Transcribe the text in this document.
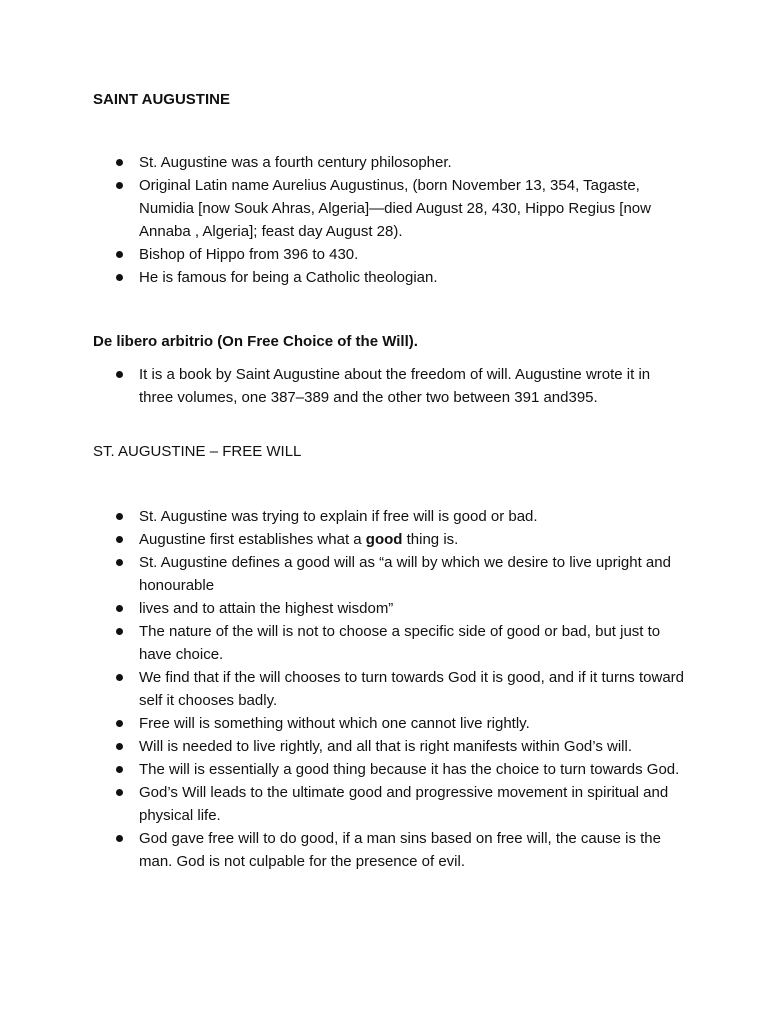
SAINT AUGUSTINE
St. Augustine was a fourth century philosopher.
Original Latin name Aurelius Augustinus, (born November 13, 354, Tagaste, Numidia [now Souk Ahras, Algeria]—died August 28, 430, Hippo Regius [now Annaba , Algeria]; feast day August 28).
Bishop of Hippo from 396 to 430.
He is famous for being a Catholic theologian.
De libero arbitrio (On Free Choice of the Will).
It is a book by Saint Augustine about the freedom of will. Augustine wrote it in three volumes, one 387–389 and the other two between 391 and395.
ST. AUGUSTINE – FREE WILL
St. Augustine was trying to explain if free will is good or bad.
Augustine first establishes what a good thing is.
St. Augustine defines a good will as “a will by which we desire to live upright and honourable
lives and to attain the highest wisdom”
The nature of the will is not to choose a specific side of good or bad, but just to have choice.
We find that if the will chooses to turn towards God it is good, and if it turns toward self it chooses badly.
Free will is something without which one cannot live rightly.
Will is needed to live rightly, and all that is right manifests within God’s will.
The will is essentially a good thing because it has the choice to turn towards God.
God’s Will leads to the ultimate good and progressive movement in spiritual and physical life.
God gave free will to do good, if a man sins based on free will, the cause is the man. God is not culpable for the presence of evil.
